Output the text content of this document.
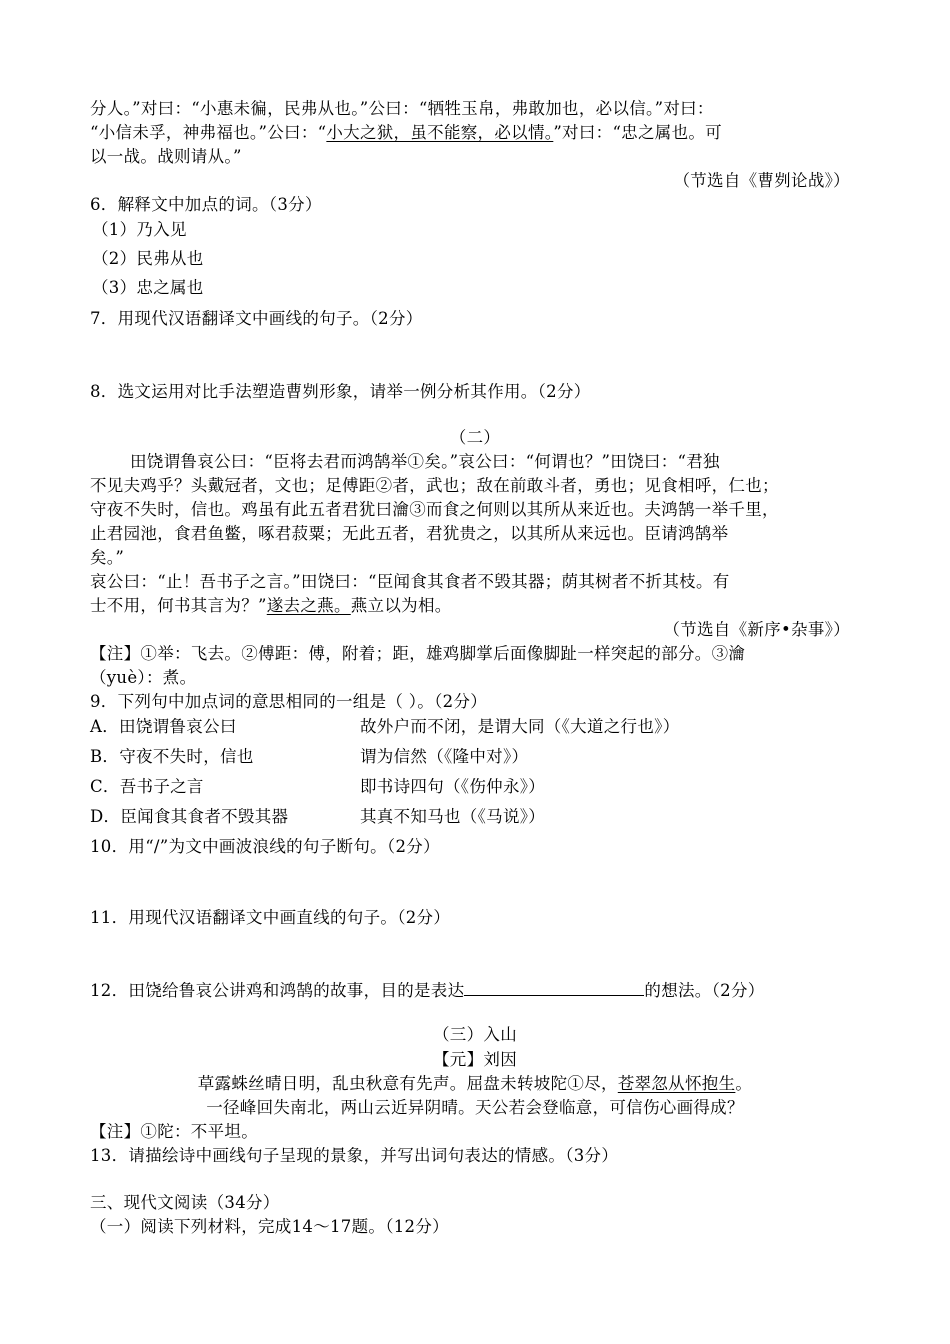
分人。”对曰：“小惠未徧，民弗从也。”公曰：“牺牲玉帛，弗敢加也，必以信。”对曰：
“小信未孚，神弗福也。”公曰：“小大之狱，虽不能察，必以情。”对曰：“忠之属也。可
以一战。战则请从。”
（节选自《曹刿论战》）
6．解释文中加点的词。（3分）
（1）乃入见
（2）民弗从也
（3）忠之属也
7．用现代汉语翻译文中画线的句子。（2分）
8．选文运用对比手法塑造曹刿形象，请举一例分析其作用。（2分）
（二）
田饶谓鲁哀公曰：“臣将去君而鸿鹄举①矣。”哀公曰：“何谓也？”田饶曰：“君独
不见夫鸡乎？头戴冠者，文也；足傅距②者，武也；敌在前敢斗者，勇也；见食相呼，仁也；
守夜不失时，信也。鸡虽有此五者君犹曰瀹③而食之何则以其所从来近也。夫鸿鹄一举千里，
止君园池，食君鱼鳖，啄君菽粟；无此五者，君犹贵之，以其所从来远也。臣请鸿鹄举
矣。”
哀公曰：“止！吾书子之言。”田饶曰：“臣闻食其食者不毁其器；荫其树者不折其枝。有
士不用，何书其言为？”遂去之燕。燕立以为相。
（节选自《新序•杂事》）
【注】①举：飞去。②傅距：傅，附着；距，雄鸡脚掌后面像脚趾一样突起的部分。③瀹
（yuè）：煮。
9．下列句中加点词的意思相同的一组是（ ）。（2分）
A．田饶谓鲁哀公曰	故外户而不闭，是谓大同（《大道之行也》）
B．守夜不失时，信也	谓为信然（《隆中对》）
C．吾书子之言	即书诗四句（《伤仲永》）
D．臣闻食其食者不毁其器	其真不知马也（《马说》）
10．用“/”为文中画波浪线的句子断句。（2分）
11．用现代汉语翻译文中画直线的句子。（2分）
12．田饶给鲁哀公讲鸡和鸿鹄的故事，目的是表达	的想法。（2分）
（三）入山
【元】刘因
草露蛛丝晴日明，乱虫秋意有先声。屈盘未转坡陀①尽，苍翠忽从怀抱生。
一径峰回失南北，两山云近异阴晴。天公若会登临意，可信伤心画得成？
【注】①陀：不平坦。
13．请描绘诗中画线句子呈现的景象，并写出词句表达的情感。（3分）
三、现代文阅读（34分）
（一）阅读下列材料，完成14～17题。（12分）
